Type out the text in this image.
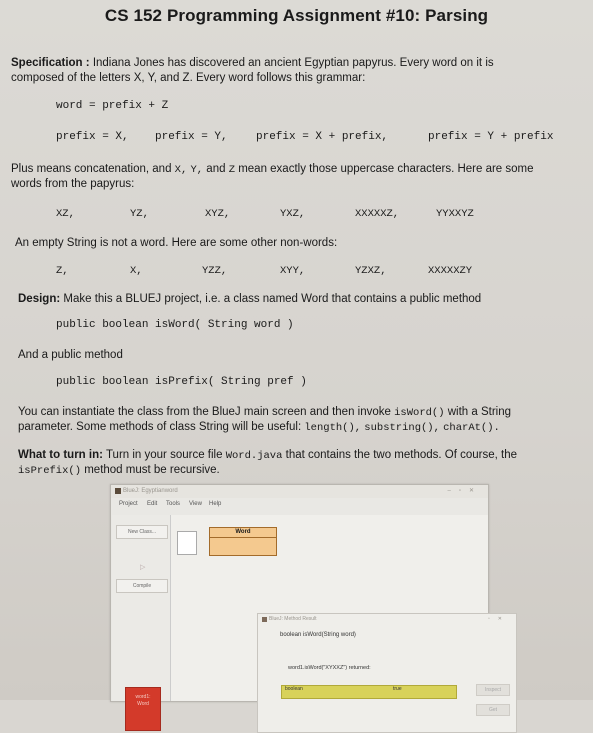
CS 152 Programming Assignment #10: Parsing
Specification : Indiana Jones has discovered an ancient Egyptian papyrus. Every word on it is
composed of the letters X, Y, and Z. Every word follows this grammar:
word = prefix + Z
prefix = X, prefix = Y,	prefix = X + prefix,	prefix = Y + prefix
Plus means concatenation, and X, Y, and Z mean exactly those uppercase characters. Here are some
words from the papyrus:
XZ,	YZ,	XYZ,	YXZ,	XXXXXZ,	YYXXYZ
An empty String is not a word. Here are some other non-words:
Z,	X,	YZZ,	XYY,	YZXZ,	XXXXXZY
Design: Make this a BLUEJ project, i.e. a class named Word that contains a public method
public boolean isWord( String word )
And a public method
public boolean isPrefix( String pref )
You can instantiate the class from the BlueJ main screen and then invoke isWord() with a String
parameter. Some methods of class String will be useful: length(), substring(), charAt().
What to turn in: Turn in your source file Word.java that contains the two methods. Of course, the
isPrefix() method must be recursive.
BlueJ: Egyptianword	–▫✕
Project Edit Tools View Help
New Class...
▷
Compile
word1:
Word
Word
BlueJ: Method Result	▫✕
boolean isWord(String word)
word1.isWord("XYXXZ") returned:
boolean	true	Inspect
Get
